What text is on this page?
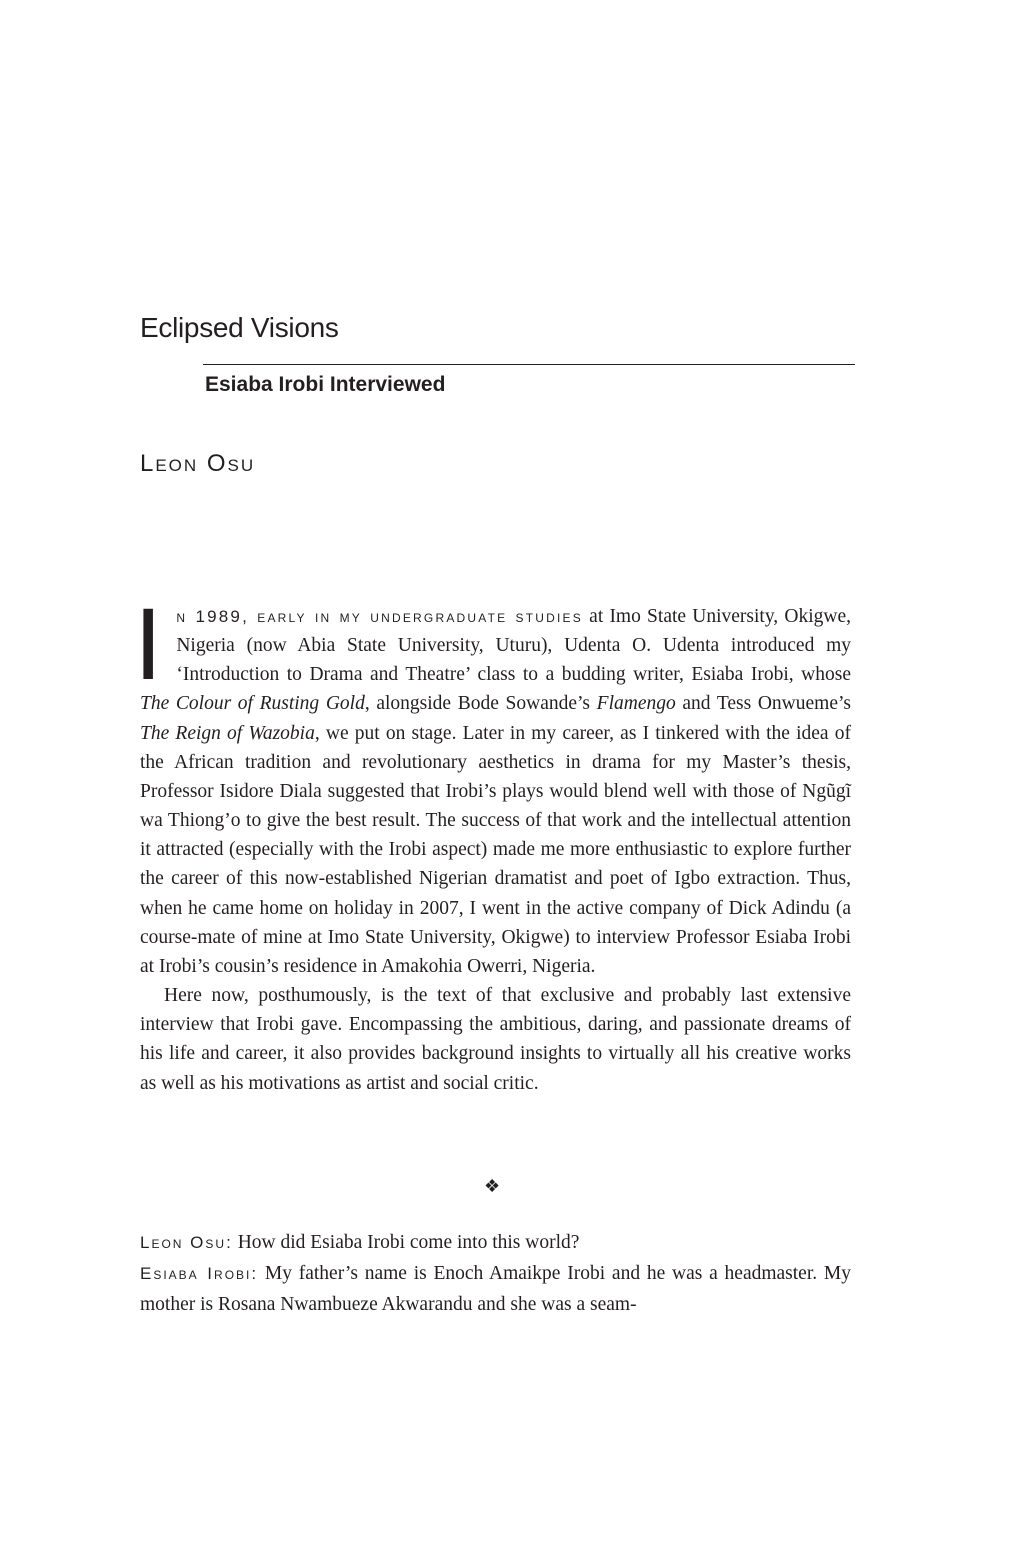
Eclipsed Visions
Esiaba Irobi Interviewed
Leon Osu

In 1989, early in my undergraduate studies at Imo State University, Okigwe, Nigeria (now Abia State University, Uturu), Udenta O. Udenta introduced my ‘Introduction to Drama and Theatre’ class to a budding writer, Esiaba Irobi, whose The Colour of Rusting Gold, alongside Bode Sowande’s Flamengo and Tess Onwueme’s The Reign of Wazobia, we put on stage. Later in my career, as I tinkered with the idea of the African tradition and revolutionary aesthetics in drama for my Master’s thesis, Professor Isidore Diala suggested that Irobi’s plays would blend well with those of Ngũgĩ wa Thiong’o to give the best result. The success of that work and the intellectual attention it attracted (especially with the Irobi aspect) made me more enthusiastic to explore further the career of this now-established Nigerian dramatist and poet of Igbo extraction. Thus, when he came home on holiday in 2007, I went in the active company of Dick Adindu (a course-mate of mine at Imo State University, Okigwe) to interview Professor Esiaba Irobi at Irobi’s cousin’s residence in Amakohia Owerri, Nigeria.

Here now, posthumously, is the text of that exclusive and probably last extensive interview that Irobi gave. Encompassing the ambitious, daring, and passionate dreams of his life and career, it also provides background insights to virtually all his creative works as well as his motivations as artist and social critic.

❖

Leon Osu: How did Esiaba Irobi come into this world?

Esiaba Irobi: My father’s name is Enoch Amaikpe Irobi and he was a headmaster. My mother is Rosana Nwambueze Akwarandu and she was a seam-
